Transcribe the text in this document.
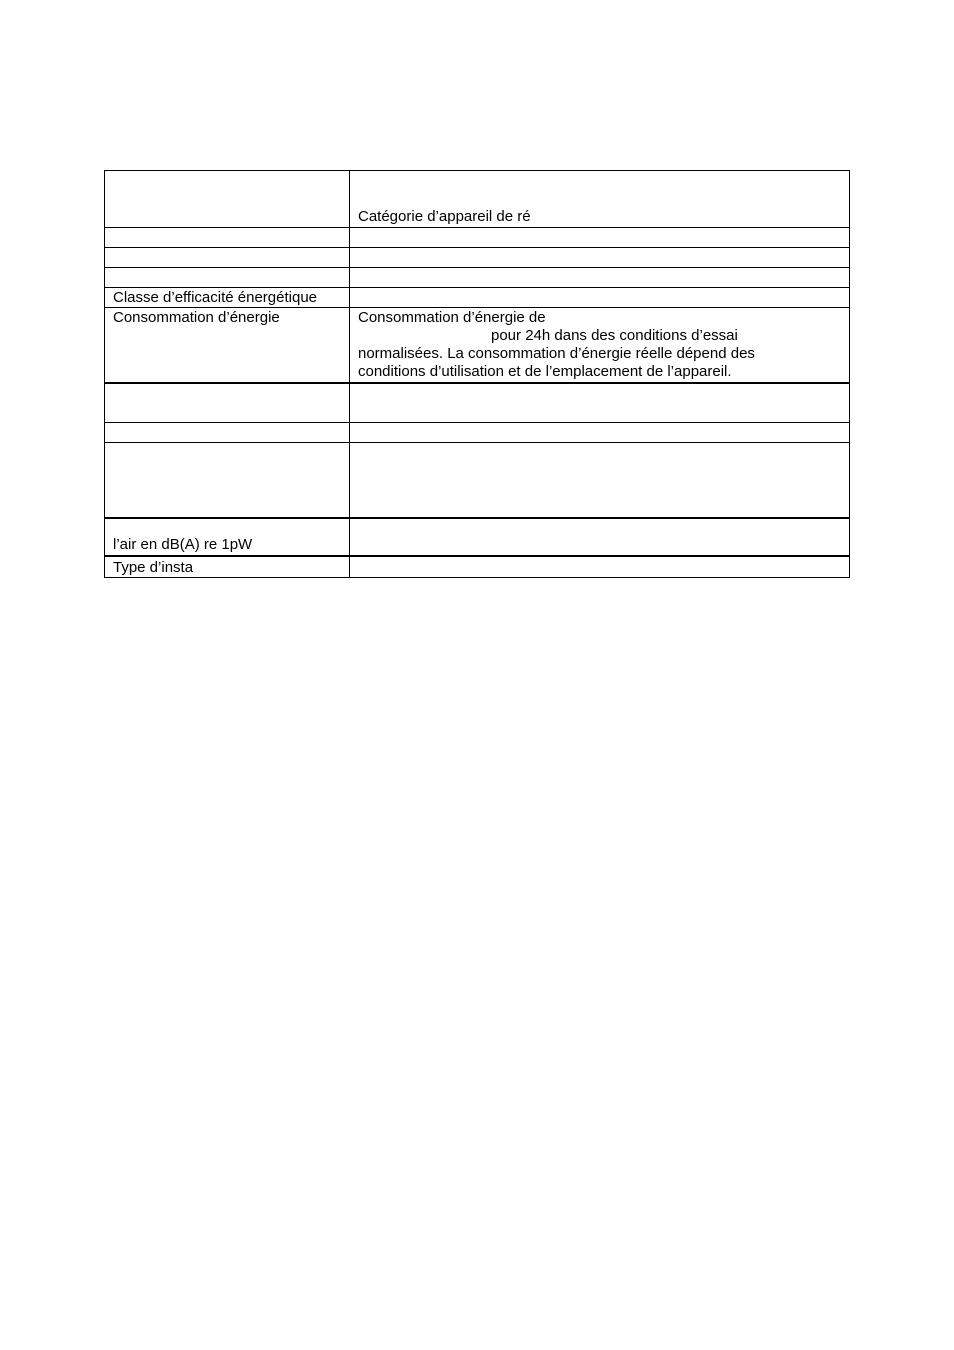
Catégorie d’appareil de ré
Classe d’efficacité énergétique
Consommation d’énergie	Consommation d’énergie de
pour 24h dans des conditions d’essai
normalisées. La consommation d’énergie réelle dépend des
conditions d’utilisation et de l’emplacement de l’appareil.
l’air en dB(A) re 1pW
Type d’insta
